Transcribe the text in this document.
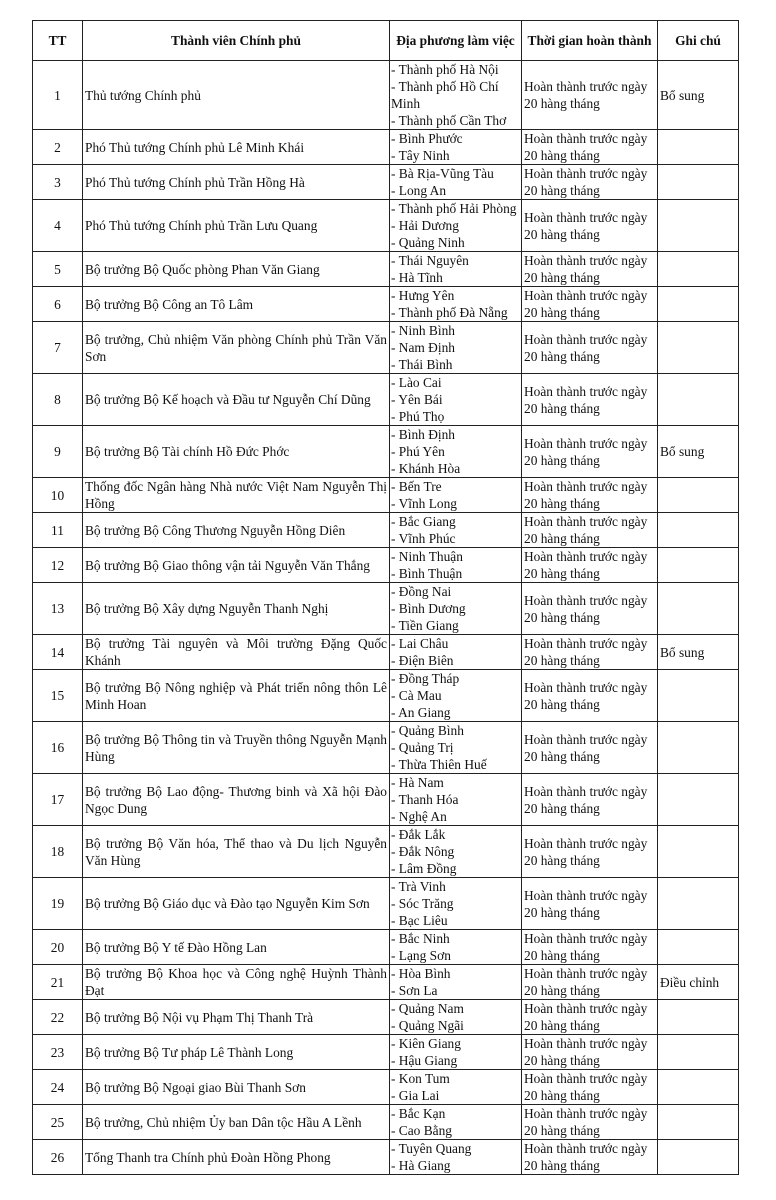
TT	Thành viên Chính phủ	Địa phương làm việc	Thời gian hoàn thành	Ghi chú
1	Thủ tướng Chính phủ	- Thành phố Hà Nội
- Thành phố Hồ Chí Minh
- Thành phố Cần Thơ	Hoàn thành trước ngày
20 hàng tháng	Bổ sung
2	Phó Thủ tướng Chính phủ Lê Minh Khái	- Bình Phước
- Tây Ninh	Hoàn thành trước ngày
20 hàng tháng	

3	Phó Thủ tướng Chính phủ Trần Hồng Hà	- Bà Rịa-Vũng Tàu
- Long An	Hoàn thành trước ngày
20 hàng tháng	

4	Phó Thủ tướng Chính phủ Trần Lưu Quang	- Thành phố Hải Phòng
- Hải Dương
- Quảng Ninh	Hoàn thành trước ngày
20 hàng tháng	

5	Bộ trưởng Bộ Quốc phòng Phan Văn Giang	- Thái Nguyên
- Hà Tĩnh	Hoàn thành trước ngày
20 hàng tháng	

6	Bộ trưởng Bộ Công an Tô Lâm	- Hưng Yên
- Thành phố Đà Nẵng	Hoàn thành trước ngày
20 hàng tháng	

7	Bộ trưởng, Chủ nhiệm Văn phòng Chính phủ Trần Văn Sơn	- Ninh Bình
- Nam Định
- Thái Bình	Hoàn thành trước ngày
20 hàng tháng	

8	Bộ trưởng Bộ Kế hoạch và Đầu tư Nguyễn Chí Dũng	- Lào Cai
- Yên Bái
- Phú Thọ	Hoàn thành trước ngày
20 hàng tháng	

9	Bộ trưởng Bộ Tài chính Hồ Đức Phớc	- Bình Định
- Phú Yên
- Khánh Hòa	Hoàn thành trước ngày
20 hàng tháng	Bổ sung
10	Thống đốc Ngân hàng Nhà nước Việt Nam Nguyễn Thị Hồng	- Bến Tre
- Vĩnh Long	Hoàn thành trước ngày
20 hàng tháng	

11	Bộ trưởng Bộ Công Thương Nguyễn Hồng Diên	- Bắc Giang
- Vĩnh Phúc	Hoàn thành trước ngày
20 hàng tháng	

12	Bộ trưởng Bộ Giao thông vận tải Nguyễn Văn Thắng	- Ninh Thuận
- Bình Thuận	Hoàn thành trước ngày
20 hàng tháng	

13	Bộ trưởng Bộ Xây dựng Nguyễn Thanh Nghị	- Đồng Nai
- Bình Dương
- Tiền Giang	Hoàn thành trước ngày
20 hàng tháng	

14	Bộ trưởng Tài nguyên và Môi trường Đặng Quốc Khánh	- Lai Châu
- Điện Biên	Hoàn thành trước ngày
20 hàng tháng	Bổ sung
15	Bộ trưởng Bộ Nông nghiệp và Phát triển nông thôn Lê Minh Hoan	- Đồng Tháp
- Cà Mau
- An Giang	Hoàn thành trước ngày
20 hàng tháng	

16	Bộ trưởng Bộ Thông tin và Truyền thông Nguyễn Mạnh Hùng	- Quảng Bình
- Quảng Trị
- Thừa Thiên Huế	Hoàn thành trước ngày
20 hàng tháng	

17	Bộ trưởng Bộ Lao động- Thương binh và Xã hội Đào Ngọc Dung	- Hà Nam
- Thanh Hóa
- Nghệ An	Hoàn thành trước ngày
20 hàng tháng	

18	Bộ trưởng Bộ Văn hóa, Thể thao và Du lịch Nguyễn Văn Hùng	- Đắk Lắk
- Đắk Nông
- Lâm Đồng	Hoàn thành trước ngày
20 hàng tháng	

19	Bộ trưởng Bộ Giáo dục và Đào tạo Nguyễn Kim Sơn	- Trà Vinh
- Sóc Trăng
- Bạc Liêu	Hoàn thành trước ngày
20 hàng tháng	

20	Bộ trưởng Bộ Y tế Đào Hồng Lan	- Bắc Ninh
- Lạng Sơn	Hoàn thành trước ngày
20 hàng tháng	

21	Bộ trưởng Bộ Khoa học và Công nghệ Huỳnh Thành Đạt	- Hòa Bình
- Sơn La	Hoàn thành trước ngày
20 hàng tháng	Điều chỉnh
22	Bộ trưởng Bộ Nội vụ Phạm Thị Thanh Trà	- Quảng Nam
- Quảng Ngãi	Hoàn thành trước ngày
20 hàng tháng	

23	Bộ trưởng Bộ Tư pháp Lê Thành Long	- Kiên Giang
- Hậu Giang	Hoàn thành trước ngày
20 hàng tháng	

24	Bộ trưởng Bộ Ngoại giao Bùi Thanh Sơn	- Kon Tum
- Gia Lai	Hoàn thành trước ngày
20 hàng tháng	

25	Bộ trưởng, Chủ nhiệm Ủy ban Dân tộc Hầu A Lềnh	- Bắc Kạn
- Cao Bằng	Hoàn thành trước ngày
20 hàng tháng	

26	Tổng Thanh tra Chính phủ Đoàn Hồng Phong	- Tuyên Quang
- Hà Giang	Hoàn thành trước ngày
20 hàng tháng	
